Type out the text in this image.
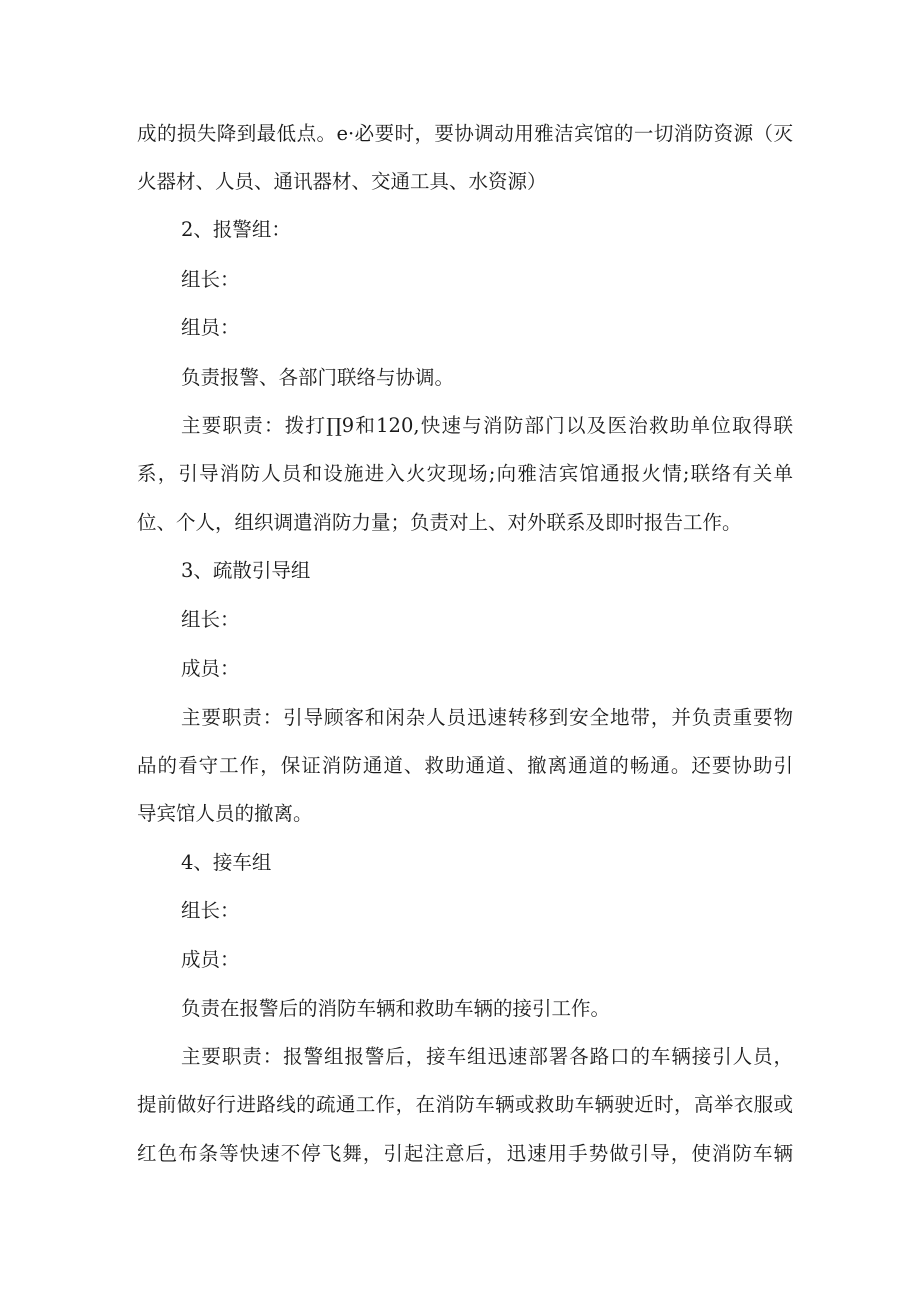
成的损失降到最低点。e·必要时，要协调动用雅洁宾馆的一切消防资源（灭
火器材、人员、通讯器材、交通工具、水资源）
2、报警组：
组长：
组员：
负责报警、各部门联络与协调。
主要职责：拨打∏9和120,快速与消防部门以及医治救助单位取得联
系，引导消防人员和设施进入火灾现场;向雅洁宾馆通报火情;联络有关单
位、个人，组织调遣消防力量；负责对上、对外联系及即时报告工作。
3、疏散引导组
组长：
成员：
主要职责：引导顾客和闲杂人员迅速转移到安全地带，并负责重要物
品的看守工作，保证消防通道、救助通道、撤离通道的畅通。还要协助引
导宾馆人员的撤离。
4、接车组
组长：
成员：
负责在报警后的消防车辆和救助车辆的接引工作。
主要职责：报警组报警后，接车组迅速部署各路口的车辆接引人员，
提前做好行进路线的疏通工作，在消防车辆或救助车辆驶近时，高举衣服或
红色布条等快速不停飞舞，引起注意后，迅速用手势做引导，使消防车辆
